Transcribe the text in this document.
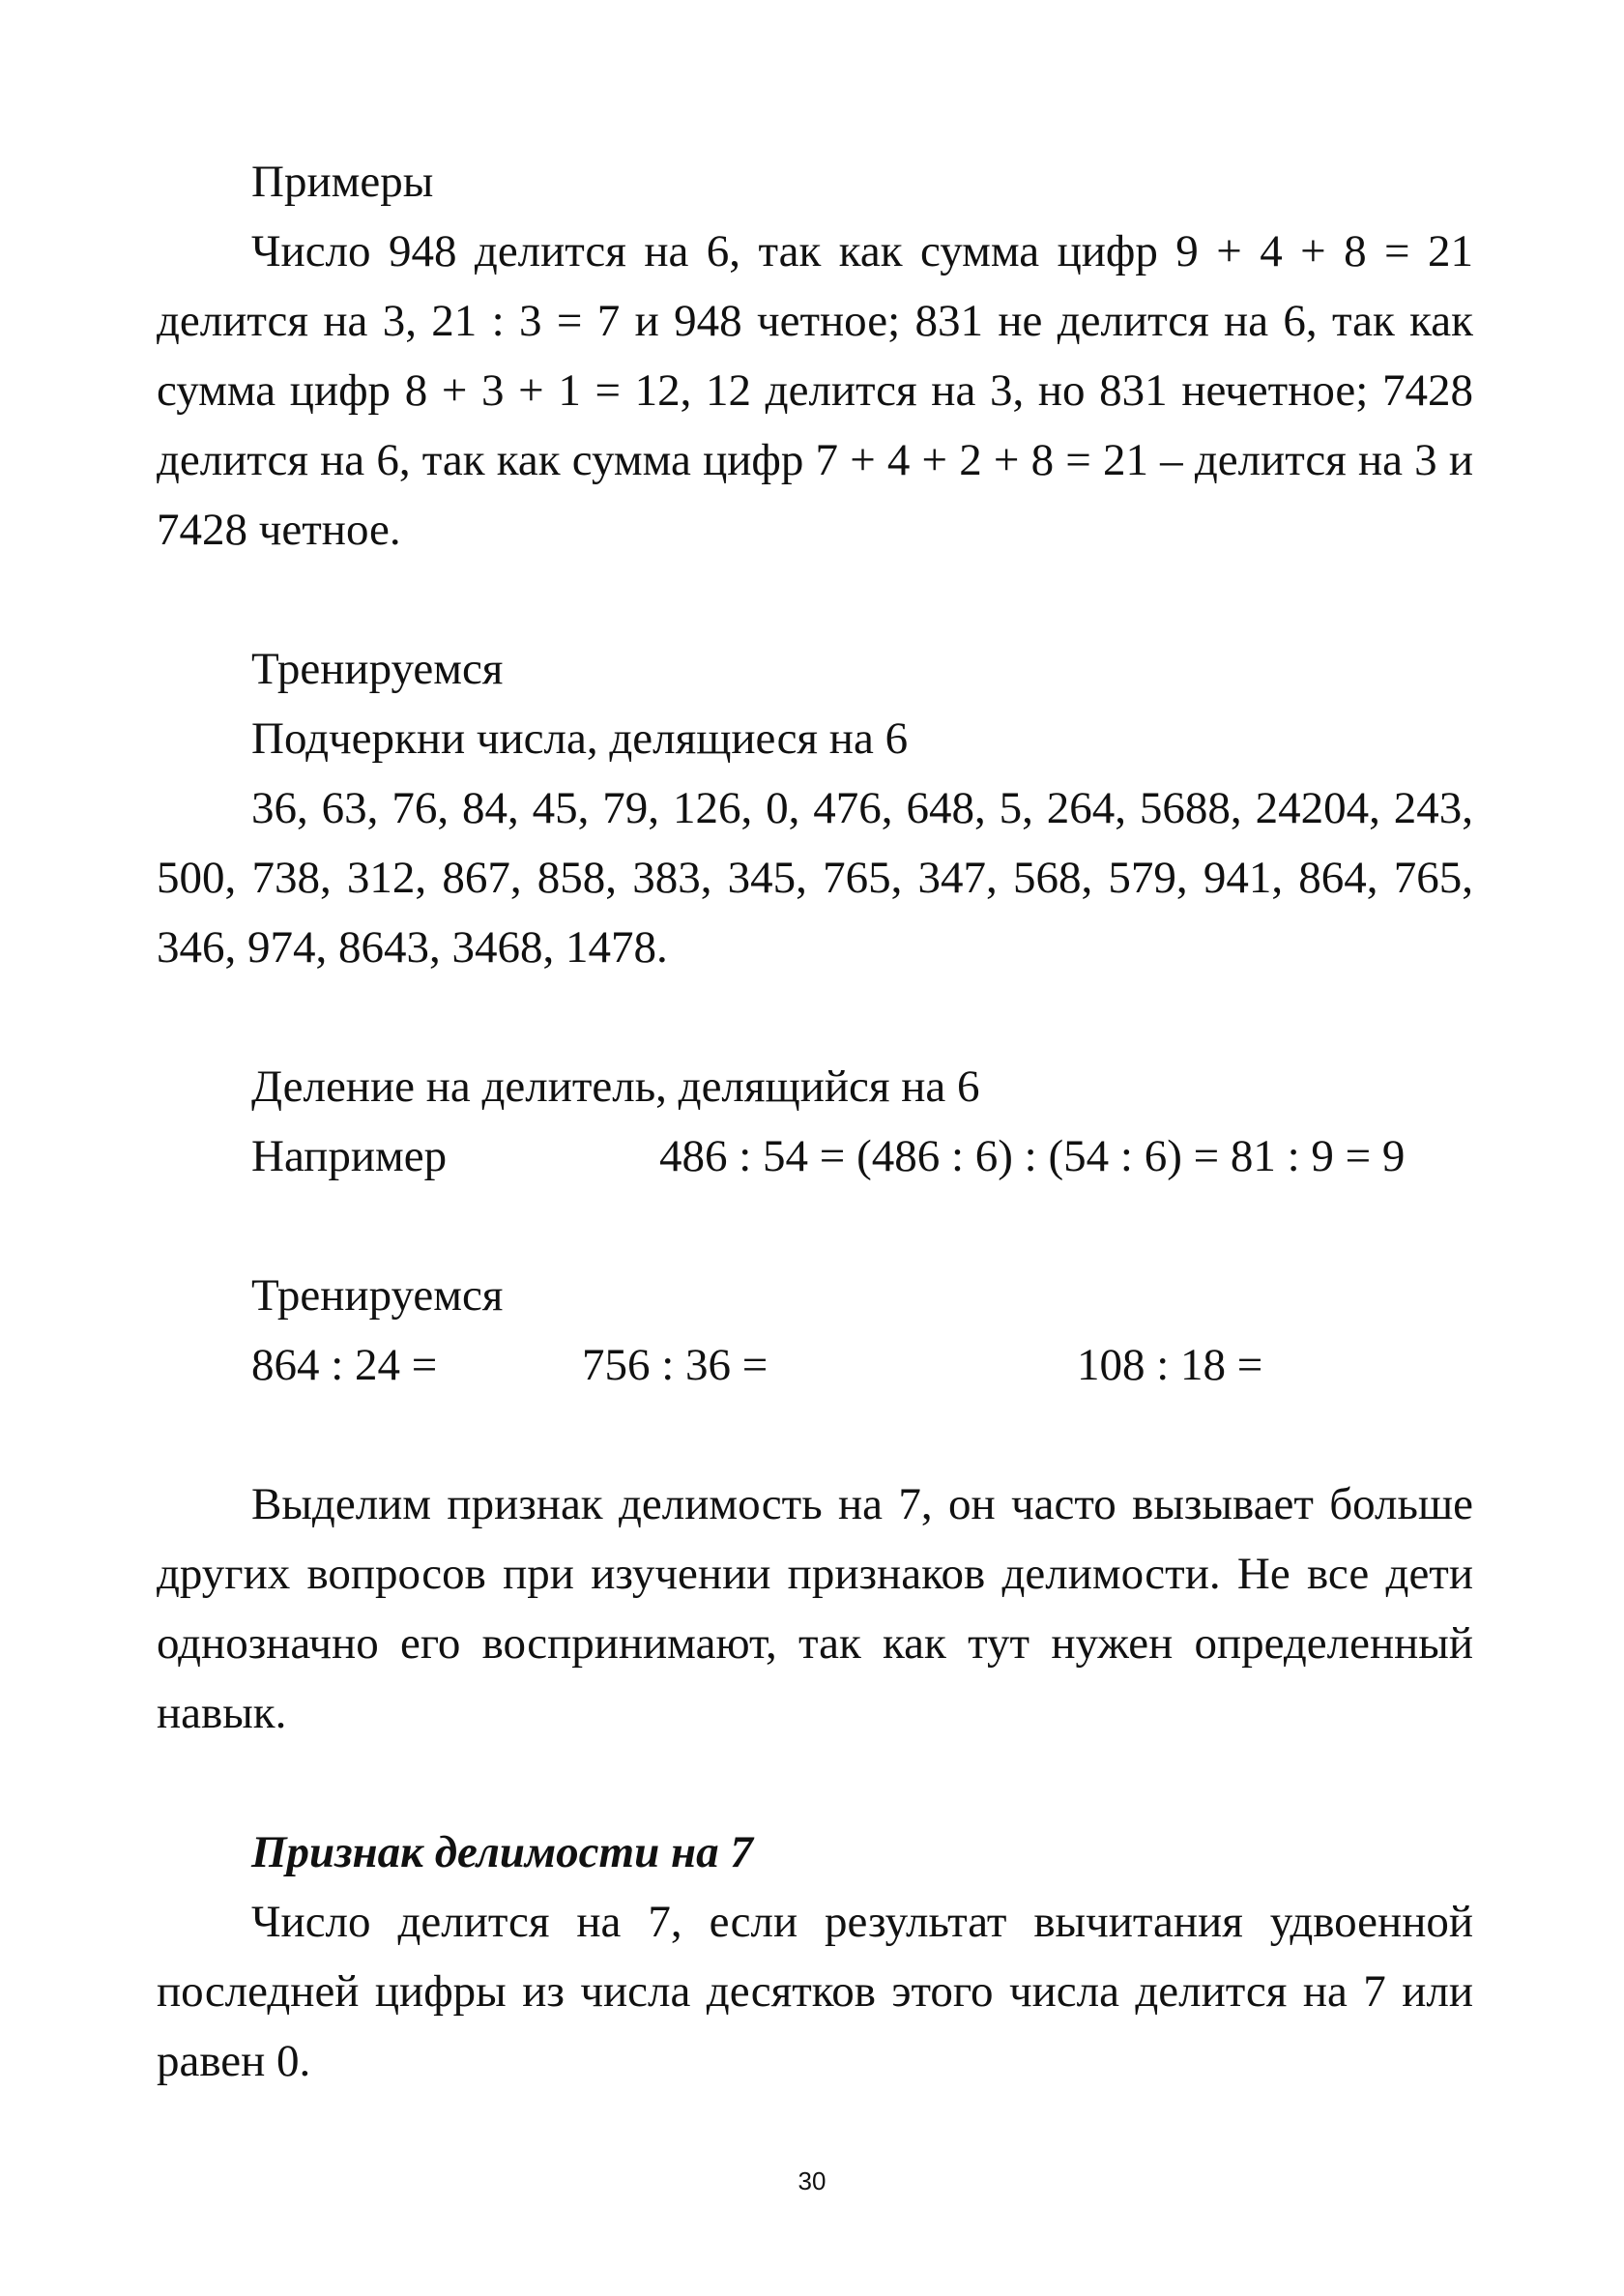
Примеры

Число 948 делится на 6, так как сумма цифр 9 + 4 + 8 = 21 делится на 3, 21 : 3 = 7 и 948 четное; 831 не делится на 6, так как сумма цифр 8 + 3 + 1 = 12, 12 делится на 3, но 831 нечетное; 7428 делится на 6, так как сумма цифр 7 + 4 + 2 + 8 = 21 – делится на 3 и 7428 четное.

Тренируемся

Подчеркни числа, делящиеся на 6

36, 63, 76, 84, 45, 79, 126, 0, 476, 648, 5, 264, 5688, 24204, 243, 500, 738, 312, 867, 858, 383, 345, 765, 347, 568, 579, 941, 864, 765, 346, 974, 8643, 3468, 1478.

Деление на делитель, делящийся на 6

Например	486 : 54 = (486 : 6) : (54 : 6) = 81 : 9 = 9

Тренируемся

864 : 24 =	756 : 36 =	108 : 18 =

Выделим признак делимость на 7, он часто вызывает больше других вопросов при изучении признаков делимости. Не все дети однозначно его воспринимают, так как тут нужен определенный навык.

Признак делимости на 7

Число делится на 7, если результат вычитания удвоенной последней цифры из числа десятков этого числа делится на 7 или равен 0.

30
